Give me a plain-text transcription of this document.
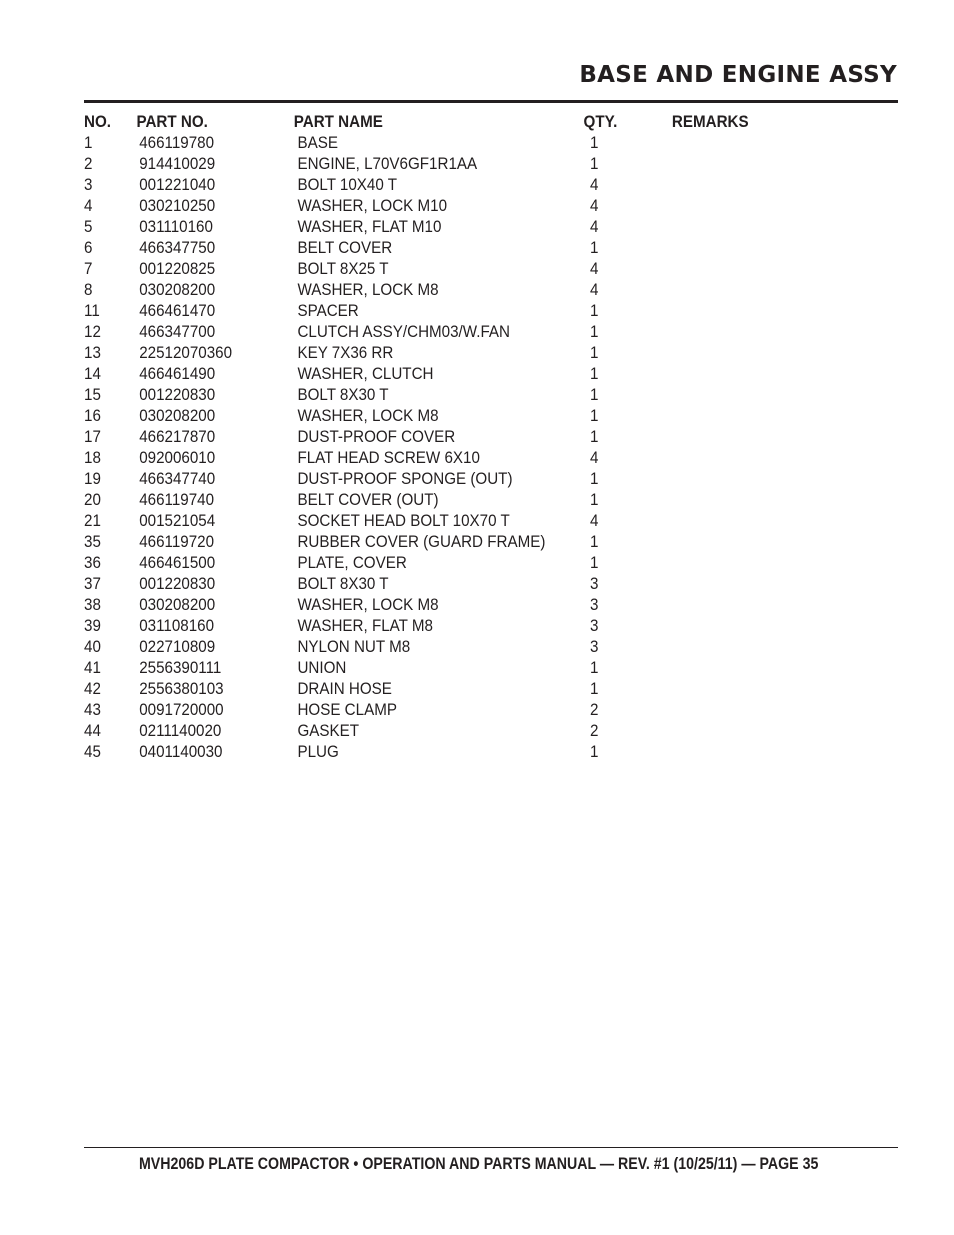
BASE AND ENGINE ASSY
NO. PART NO.	PART NAME	QTY.	REMARKS
1	466119780	BASE	1
2	914410029	ENGINE, L70V6GF1R1AA	1
3	001221040	BOLT 10X40 T	4
4	030210250	WASHER, LOCK M10	4
5	031110160	WASHER, FLAT M10	4
6	466347750	BELT COVER	1
7	001220825	BOLT 8X25 T	4
8	030208200	WASHER, LOCK M8	4
11 466461470	SPACER	1
12 466347700	CLUTCH ASSY/CHM03/W.FAN	1
13 22512070360	KEY 7X36 RR	1
14 466461490	WASHER, CLUTCH	1
15 001220830	BOLT 8X30 T	1
16 030208200	WASHER, LOCK M8	1
17 466217870	DUST-PROOF COVER	1
18 092006010	FLAT HEAD SCREW 6X10	4
19 466347740	DUST-PROOF SPONGE (OUT)	1
20 466119740	BELT COVER (OUT)	1
21 001521054	SOCKET HEAD BOLT 10X70 T	4
35 466119720	RUBBER COVER (GUARD FRAME)	1
36 466461500	PLATE, COVER	1
37 001220830	BOLT 8X30 T	3
38 030208200	WASHER, LOCK M8	3
39 031108160	WASHER, FLAT M8	3
40 022710809	NYLON NUT M8	3
41 2556390111	UNION	1
42 2556380103	DRAIN HOSE	1
43 0091720000	HOSE CLAMP	2
44 0211140020	GASKET	2
45 0401140030	PLUG	1
MVH206D PLATE COMPACTOR • OPERATION AND PARTS MANUAL — REV. #1 (10/25/11) — PAGE 35
